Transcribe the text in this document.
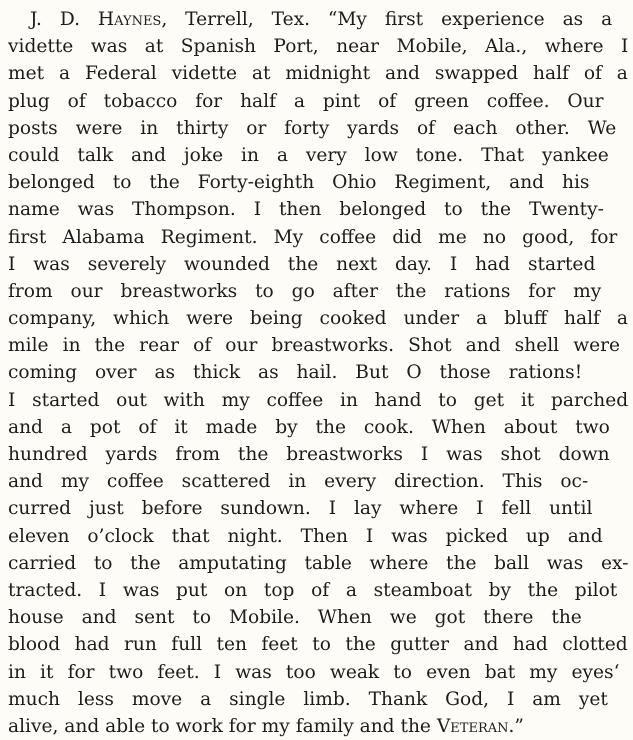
J. D. Haynes, Terrell, Tex. “My first experience as a
vidette was at Spanish Port, near Mobile, Ala., where I
met a Federal vidette at midnight and swapped half of a
plug of tobacco for half a pint of green coffee. Our
posts were in thirty or forty yards of each other. We
could talk and joke in a very low tone. That yankee
belonged to the Forty-eighth Ohio Regiment, and his
name was Thompson. I then belonged to the Twenty-
first Alabama Regiment. My coffee did me no good, for
I was severely wounded the next day. I had started
from our breastworks to go after the rations for my
company, which were being cooked under a bluff half a
mile in the rear of our breastworks. Shot and shell were
coming over as thick as hail. But O those rations!
I started out with my coffee in hand to get it parched
and a pot of it made by the cook. When about two
hundred yards from the breastworks I was shot down
and my coffee scattered in every direction. This oc-
curred just before sundown. I lay where I fell until
eleven o’clock that night. Then I was picked up and
carried to the amputating table where the ball was ex-
tracted. I was put on top of a steamboat by the pilot
house and sent to Mobile. When we got there the
blood had run full ten feet to the gutter and had clotted
in it for two feet. I was too weak to even bat my eyes‘
much less move a single limb. Thank God, I am yet
alive, and able to work for my family and the Veteran.”
